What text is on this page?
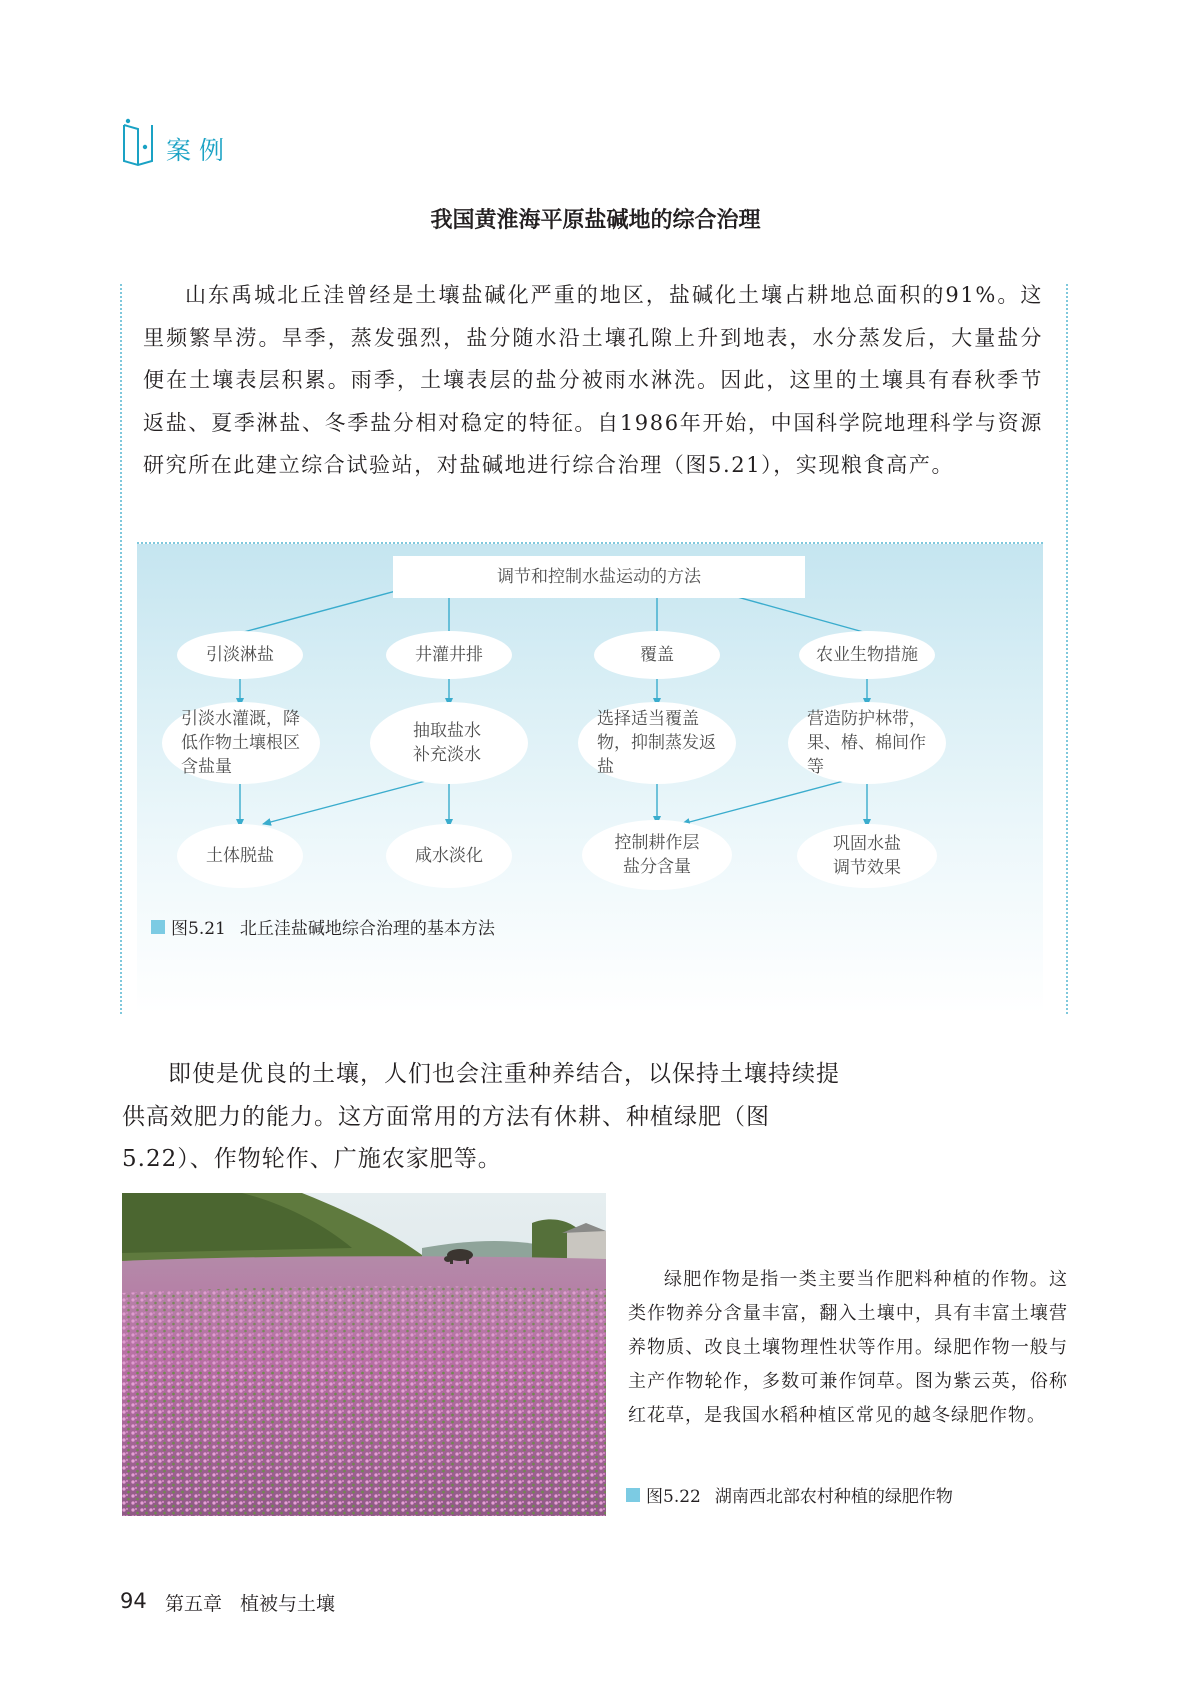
案例
我国黄淮海平原盐碱地的综合治理

山东禹城北丘洼曾经是土壤盐碱化严重的地区，盐碱化土壤占耕地总面积的91%。这里频繁旱涝。旱季，蒸发强烈，盐分随水沿土壤孔隙上升到地表，水分蒸发后，大量盐分便在土壤表层积累。雨季，土壤表层的盐分被雨水淋洗。因此，这里的土壤具有春秋季节返盐、夏季淋盐、冬季盐分相对稳定的特征。自1986年开始，中国科学院地理科学与资源研究所在此建立综合试验站，对盐碱地进行综合治理（图5.21），实现粮食高产。

调节和控制水盐运动的方法
引淡淋盐	井灌井排	覆盖	农业生物措施
引淡水灌溉，降低作物土壤根区含盐量
抽取盐水补充淡水
选择适当覆盖物，抑制蒸发返盐
营造防护林带，果、椿、棉间作等
土体脱盐	咸水淡化
控制耕作层盐分含量
巩固水盐调节效果
图5.21 北丘洼盐碱地综合治理的基本方法

即使是优良的土壤，人们也会注重种养结合，以保持土壤持续提供高效肥力的能力。这方面常用的方法有休耕、种植绿肥（图5.22）、作物轮作、广施农家肥等。

绿肥作物是指一类主要当作肥料种植的作物。这类作物养分含量丰富，翻入土壤中，具有丰富土壤营养物质、改良土壤物理性状等作用。绿肥作物一般与主产作物轮作，多数可兼作饲草。图为紫云英，俗称红花草，是我国水稻种植区常见的越冬绿肥作物。

图5.22 湖南西北部农村种植的绿肥作物
94 第五章 植被与土壤
